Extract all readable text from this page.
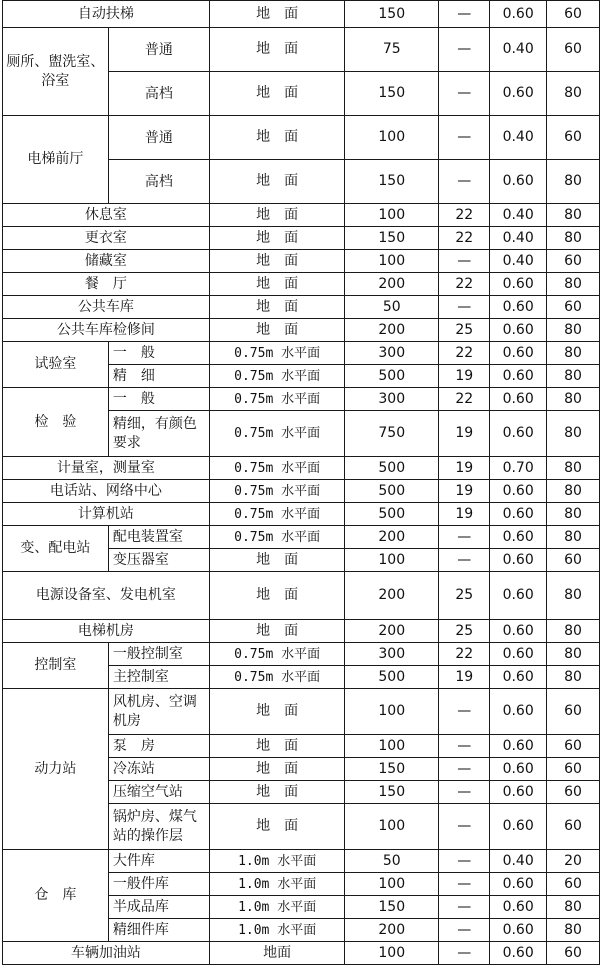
自动扶梯		地　面	150	—	0.60	60
厕所、盥洗室、浴室	普通	地　面	75	—	0.40	60
	高档	地　面	150	—	0.60	80
电梯前厅	普通	地　面	100	—	0.40	60
	高档	地　面	150	—	0.60	80
休息室		地　面	100	22	0.40	80
更衣室		地　面	150	22	0.40	80
储藏室		地　面	100	—	0.40	60
餐　厅		地　面	200	22	0.60	80
公共车库		地　面	50	—	0.60	60
公共车库检修间		地　面	200	25	0.60	80
试验室	一　般	0.75m 水平面	300	22	0.60	80
	精　细	0.75m 水平面	500	19	0.60	80
检　验	一　般	0.75m 水平面	300	22	0.60	80
	精细，有颜色要求	0.75m 水平面	750	19	0.60	80
计量室，测量室		0.75m 水平面	500	19	0.70	80
电话站、网络中心		0.75m 水平面	500	19	0.60	80
计算机站		0.75m 水平面	500	19	0.60	80
变、配电站	配电装置室	0.75m 水平面	200	—	0.60	80
	变压器室	地　面	100	—	0.60	60
电源设备室、发电机室		地　面	200	25	0.60	80
电梯机房		地　面	200	25	0.60	80
控制室	一般控制室	0.75m 水平面	300	22	0.60	80
	主控制室	0.75m 水平面	500	19	0.60	80
动力站	风机房、空调机房	地　面	100	—	0.60	60
	泵　房	地　面	100	—	0.60	60
	冷冻站	地　面	150	—	0.60	60
	压缩空气站	地　面	150	—	0.60	60
	锅炉房、煤气站的操作层	地　面	100	—	0.60	60
仓　库	大件库	1.0m 水平面	50	—	0.40	20
	一般件库	1.0m 水平面	100	—	0.60	60
	半成品库	1.0m 水平面	150	—	0.60	80
	精细件库	1.0m 水平面	200	—	0.60	80
车辆加油站		地面	100	—	0.60	60
